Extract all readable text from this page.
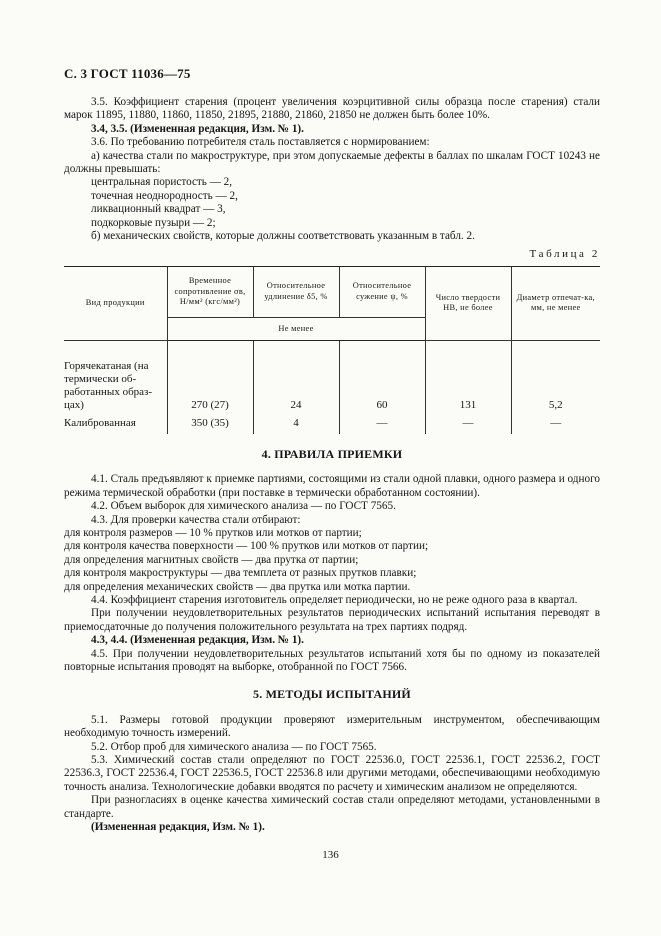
С. 3 ГОСТ 11036—75

3.5. Коэффициент старения (процент увеличения коэрцитивной силы образца после старения) стали марок 11895, 11880, 11860, 11850, 21895, 21880, 21860, 21850 не должен быть более 10%.

3.4, 3.5. (Измененная редакция, Изм. № 1).

3.6. По требованию потребителя сталь поставляется с нормированием:

а) качества стали по макроструктуре, при этом допускаемые дефекты в баллах по шкалам ГОСТ 10243 не должны превышать:

центральная пористость — 2,

точечная неоднородность — 2,

ликвационный квадрат — 3,

подкорковые пузыри — 2;

б) механических свойств, которые должны соответствовать указанным в табл. 2.

Таблица 2
Вид продукции	Временное сопротивление σв, Н/мм² (кгс/мм²)	Относительное удлинение δ5, %	Относительное сужение ψ, %	Число твердости НВ, не более	Диаметр отпечат-ка, мм, не менее
	Не менее				
Горячекатаная (на термически об-работанных образ-цах)	270 (27)	24	60	131	5,2
Калиброванная	350 (35)	4	—	—	—

4. ПРАВИЛА ПРИЕМКИ

4.1. Сталь предъявляют к приемке партиями, состоящими из стали одной плавки, одного размера и одного режима термической обработки (при поставке в термически обработанном состоянии).

4.2. Объем выборок для химического анализа — по ГОСТ 7565.

4.3. Для проверки качества стали отбирают:

для контроля размеров — 10 % прутков или мотков от партии;

для контроля качества поверхности — 100 % прутков или мотков от партии;

для определения магнитных свойств — два прутка от партии;

для контроля макроструктуры — два темплета от разных прутков плавки;

для определения механических свойств — два прутка или мотка партии.

4.4. Коэффициент старения изготовитель определяет периодически, но не реже одного раза в квартал.

При получении неудовлетворительных результатов периодических испытаний испытания переводят в приемосдаточные до получения положительного результата на трех партиях подряд.

4.3, 4.4. (Измененная редакция, Изм. № 1).

4.5. При получении неудовлетворительных результатов испытаний хотя бы по одному из показателей повторные испытания проводят на выборке, отобранной по ГОСТ 7566.

5. МЕТОДЫ ИСПЫТАНИЙ

5.1. Размеры готовой продукции проверяют измерительным инструментом, обеспечивающим необходимую точность измерений.

5.2. Отбор проб для химического анализа — по ГОСТ 7565.

5.3. Химический состав стали определяют по ГОСТ 22536.0, ГОСТ 22536.1, ГОСТ 22536.2, ГОСТ 22536.3, ГОСТ 22536.4, ГОСТ 22536.5, ГОСТ 22536.8 или другими методами, обеспечивающими необходимую точность анализа. Технологические добавки вводятся по расчету и химическим анализом не определяются.

При разногласиях в оценке качества химический состав стали определяют методами, установленными в стандарте.

(Измененная редакция, Изм. № 1).

136
